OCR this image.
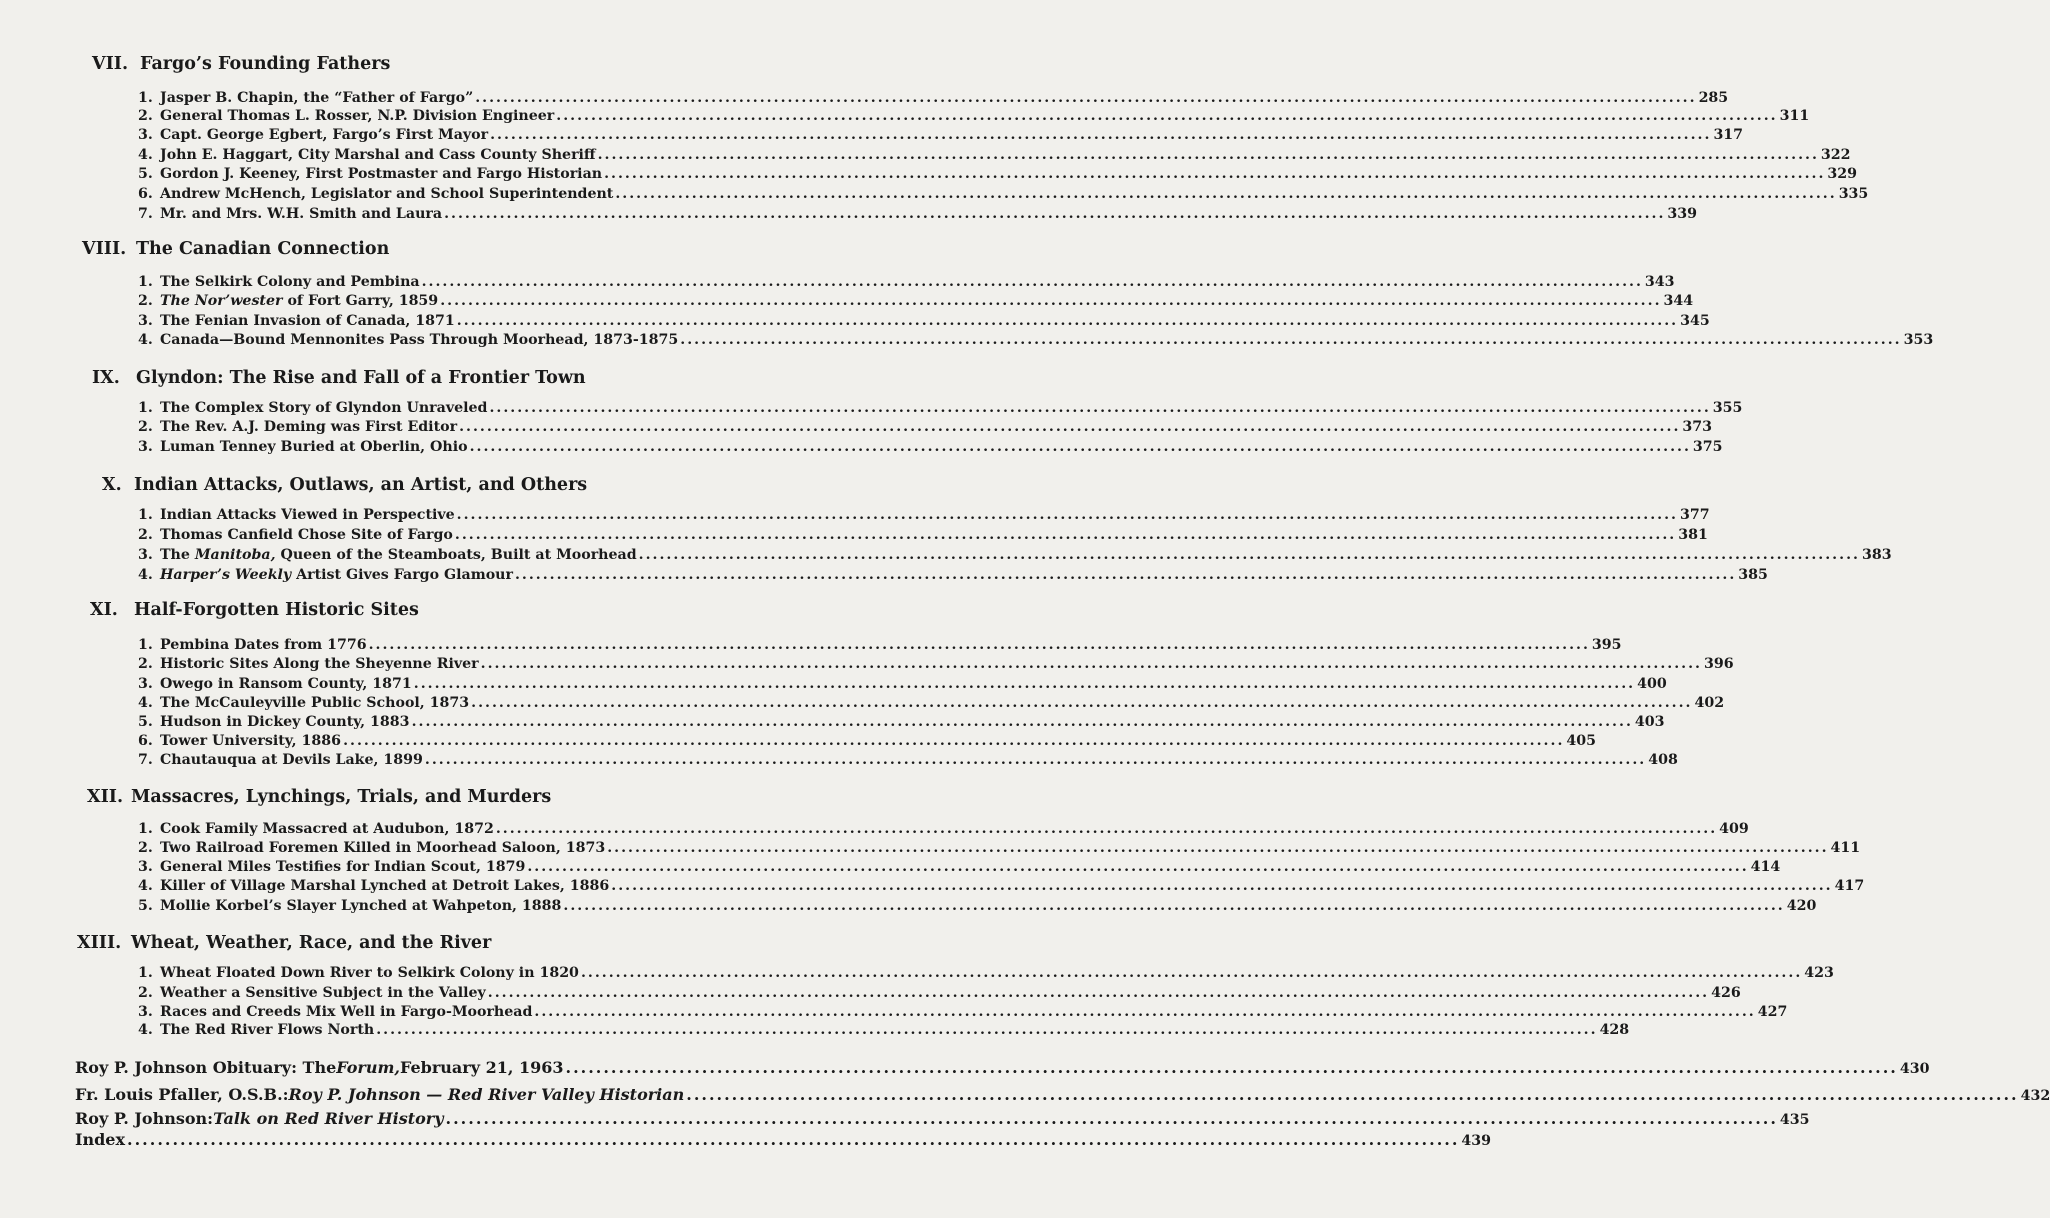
VII. Fargo’s Founding Fathers
1. Jasper B. Chapin, the “Father of Fargo” ................................................................................................................................................................................ 285
2. General Thomas L. Rosser, N.P. Division Engineer ................................................................................................................................................................................ 311
3. Capt. George Egbert, Fargo’s First Mayor ................................................................................................................................................................................ 317
4. John E. Haggart, City Marshal and Cass County Sheriff ................................................................................................................................................................................ 322
5. Gordon J. Keeney, First Postmaster and Fargo Historian ................................................................................................................................................................................ 329
6. Andrew McHench, Legislator and School Superintendent ................................................................................................................................................................................ 335
7. Mr. and Mrs. W.H. Smith and Laura ................................................................................................................................................................................ 339
VIII. The Canadian Connection
1. The Selkirk Colony and Pembina ................................................................................................................................................................................ 343
2. The Nor’wester of Fort Garry, 1859 ................................................................................................................................................................................ 344
3. The Fenian Invasion of Canada, 1871 ................................................................................................................................................................................ 345
4. Canada—Bound Mennonites Pass Through Moorhead, 1873-1875 ................................................................................................................................................................................ 353
IX. Glyndon: The Rise and Fall of a Frontier Town
1. The Complex Story of Glyndon Unraveled ................................................................................................................................................................................ 355
2. The Rev. A.J. Deming was First Editor ................................................................................................................................................................................ 373
3. Luman Tenney Buried at Oberlin, Ohio ................................................................................................................................................................................ 375
X. Indian Attacks, Outlaws, an Artist, and Others
1. Indian Attacks Viewed in Perspective ................................................................................................................................................................................ 377
2. Thomas Canfield Chose Site of Fargo ................................................................................................................................................................................ 381
3. The Manitoba, Queen of the Steamboats, Built at Moorhead ................................................................................................................................................................................ 383
4. Harper’s Weekly Artist Gives Fargo Glamour ................................................................................................................................................................................ 385
XI. Half-Forgotten Historic Sites
1. Pembina Dates from 1776 ................................................................................................................................................................................ 395
2. Historic Sites Along the Sheyenne River ................................................................................................................................................................................ 396
3. Owego in Ransom County, 1871 ................................................................................................................................................................................ 400
4. The McCauleyville Public School, 1873 ................................................................................................................................................................................ 402
5. Hudson in Dickey County, 1883 ................................................................................................................................................................................ 403
6. Tower University, 1886 ................................................................................................................................................................................ 405
7. Chautauqua at Devils Lake, 1899 ................................................................................................................................................................................ 408
XII. Massacres, Lynchings, Trials, and Murders
1. Cook Family Massacred at Audubon, 1872 ................................................................................................................................................................................ 409
2. Two Railroad Foremen Killed in Moorhead Saloon, 1873 ................................................................................................................................................................................ 411
3. General Miles Testifies for Indian Scout, 1879 ................................................................................................................................................................................ 414
4. Killer of Village Marshal Lynched at Detroit Lakes, 1886 ................................................................................................................................................................................ 417
5. Mollie Korbel’s Slayer Lynched at Wahpeton, 1888 ................................................................................................................................................................................ 420
XIII. Wheat, Weather, Race, and the River
1. Wheat Floated Down River to Selkirk Colony in 1820 ................................................................................................................................................................................ 423
2. Weather a Sensitive Subject in the Valley ................................................................................................................................................................................ 426
3. Races and Creeds Mix Well in Fargo-Moorhead ................................................................................................................................................................................ 427
4. The Red River Flows North ................................................................................................................................................................................ 428
Roy P. Johnson Obituary: The Forum, February 21, 1963 ................................................................................................................................................................................ 430
Fr. Louis Pfaller, O.S.B.: Roy P. Johnson — Red River Valley Historian ................................................................................................................................................................................ 432
Roy P. Johnson: Talk on Red River History ................................................................................................................................................................................ 435
Index ................................................................................................................................................................................ 439
